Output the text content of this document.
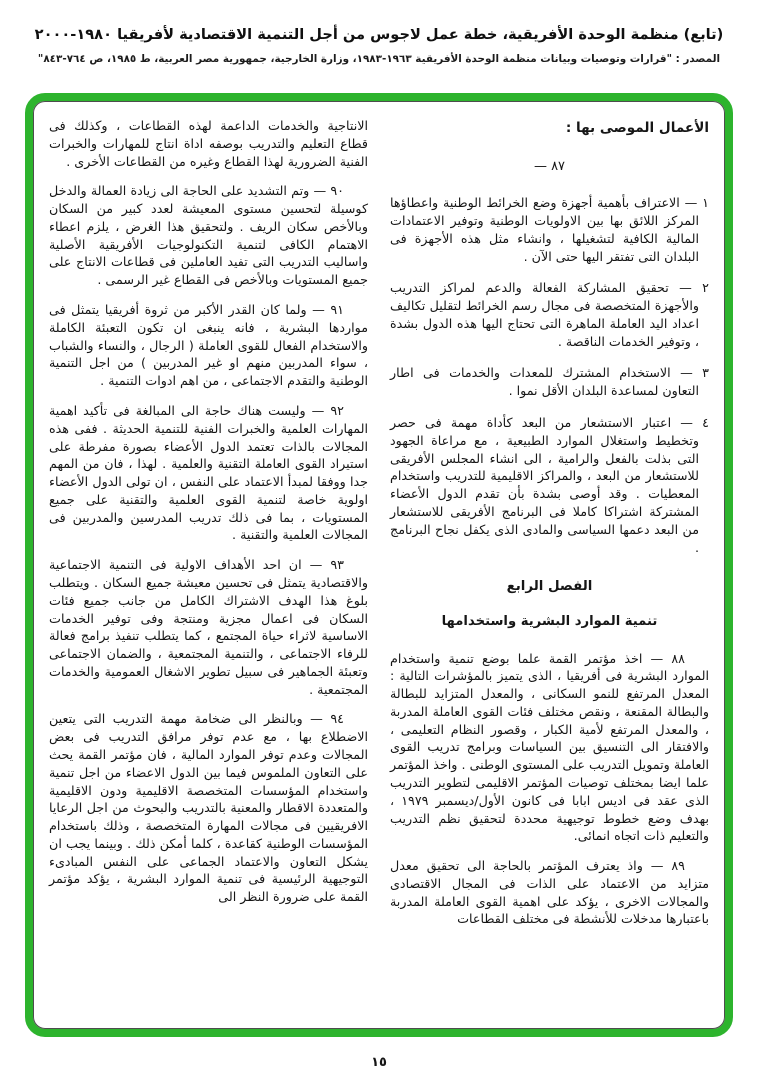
(تابع) منظمة الوحدة الأفريقية، خطة عمل لاجوس من أجل التنمية الاقتصادية لأفريقيا ١٩٨٠-٢٠٠٠
المصدر : "قرارات وتوصيات وبيانات منظمة الوحدة الأفريقية ١٩٦٣-١٩٨٣، وزارة الخارجية، جمهورية مصر العربية، ط ١٩٨٥، ص ٧٦٤-٨٤٣"

الأعمال الموصى بها :

٨٧ —

١ — الاعتراف بأهمية أجهزة وضع الخرائط الوطنية واعطاؤها المركز اللائق بها بين الاولويات الوطنية وتوفير الاعتمادات المالية الكافية لتشغيلها ، وانشاء مثل هذه الأجهزة فى البلدان التى تفتقر اليها حتى الآن .

٢ — تحقيق المشاركة الفعالة والدعم لمراكز التدريب والأجهزة المتخصصة فى مجال رسم الخرائط لتقليل تكاليف اعداد اليد العاملة الماهرة التى تحتاج اليها هذه الدول بشدة ، وتوفير الخدمات الناقصة .

٣ — الاستخدام المشترك للمعدات والخدمات فى اطار التعاون لمساعدة البلدان الأقل نموا .

٤ — اعتبار الاستشعار من البعد كأداة مهمة فى حصر وتخطيط واستغلال الموارد الطبيعية ، مع مراعاة الجهود التى بذلت بالفعل والرامية ، الى انشاء المجلس الأفريقى للاستشعار من البعد ، والمراكز الاقليمية للتدريب واستخدام المعطيات . وقد أوصى بشدة بأن تقدم الدول الأعضاء المشتركة اشتراكا كاملا فى البرنامج الأفريقى للاستشعار من البعد دعمها السياسى والمادى الذى يكفل نجاح البرنامج .

الفصل الرابع

تنمية الموارد البشرية واستخدامها

٨٨ — اخذ مؤتمر القمة علما بوضع تنمية واستخدام الموارد البشرية فى أفريقيا ، الذى يتميز بالمؤشرات التالية : المعدل المرتفع للنمو السكانى ، والمعدل المتزايد للبطالة والبطالة المقنعة ، ونقص مختلف فئات القوى العاملة المدربة ، والمعدل المرتفع لأمية الكبار ، وقصور النظام التعليمى ، والافتقار الى التنسيق بين السياسات وبرامج تدريب القوى العاملة وتمويل التدريب على المستوى الوطنى . واخذ المؤتمر علما ايضا بمختلف توصيات المؤتمر الاقليمى لتطوير التدريب الذى عقد فى اديس ابابا فى كانون الأول/ديسمبر ١٩٧٩ ، بهدف وضع خطوط توجيهية محددة لتحقيق نظم التدريب والتعليم ذات اتجاه انمائى.

٨٩ — واذ يعترف المؤتمر بالحاجة الى تحقيق معدل متزايد من الاعتماد على الذات فى المجال الاقتصادى والمجالات الاخرى ، يؤكد على اهمية القوى العاملة المدربة باعتبارها مدخلات للأنشطة فى مختلف القطاعات

الانتاجية والخدمات الداعمة لهذه القطاعات ، وكذلك فى قطاع التعليم والتدريب بوصفه اداة انتاج للمهارات والخبرات الفنية الضرورية لهذا القطاع وغيره من القطاعات الأخرى .

٩٠ — وتم التشديد على الحاجة الى زيادة العمالة والدخل كوسيلة لتحسين مستوى المعيشة لعدد كبير من السكان وبالأخص سكان الريف . ولتحقيق هذا الغرض ، يلزم اعطاء الاهتمام الكافى لتنمية التكنولوجيات الأفريقية الأصلية واساليب التدريب التى تفيد العاملين فى قطاعات الانتاج على جميع المستويات وبالأخص فى القطاع غير الرسمى .

٩١ — ولما كان القدر الأكبر من ثروة أفريقيا يتمثل فى مواردها البشرية ، فانه ينبغى ان تكون التعبئة الكاملة والاستخدام الفعال للقوى العاملة ( الرجال ، والنساء والشباب ، سواء المدربين منهم او غير المدربين ) من اجل التنمية الوطنية والتقدم الاجتماعى ، من اهم ادوات التنمية .

٩٢ — وليست هناك حاجة الى المبالغة فى تأكيد اهمية المهارات العلمية والخبرات الفنية للتنمية الحديثة . ففى هذه المجالات بالذات تعتمد الدول الأعضاء بصورة مفرطة على استيراد القوى العاملة التقنية والعلمية . لهذا ، فان من المهم جدا ووفقا لمبدأ الاعتماد على النفس ، ان تولى الدول الأعضاء اولوية خاصة لتنمية القوى العلمية والتقنية على جميع المستويات ، بما فى ذلك تدريب المدرسين والمدربين فى المجالات العلمية والتقنية .

٩٣ — ان احد الأهداف الاولية فى التنمية الاجتماعية والاقتصادية يتمثل فى تحسين معيشة جميع السكان . ويتطلب بلوغ هذا الهدف الاشتراك الكامل من جانب جميع فئات السكان فى اعمال مجزية ومنتجة وفى توفير الخدمات الاساسية لاثراء حياة المجتمع ، كما يتطلب تنفيذ برامج فعالة للرفاء الاجتماعى ، والتنمية المجتمعية ، والضمان الاجتماعى وتعبئة الجماهير فى سبيل تطوير الاشغال العمومية والخدمات المجتمعية .

٩٤ — وبالنظر الى ضخامة مهمة التدريب التى يتعين الاضطلاع بها ، مع عدم توفر مرافق التدريب فى بعض المجالات وعدم توفر الموارد المالية ، فان مؤتمر القمة يحث على التعاون الملموس فيما بين الدول الاعضاء من اجل تنمية واستخدام المؤسسات المتخصصة الاقليمية ودون الاقليمية والمتعددة الاقطار والمعنية بالتدريب والبحوث من اجل الرعايا الافريقيين فى مجالات المهارة المتخصصة ، وذلك باستخدام المؤسسات الوطنية كقاعدة ، كلما أمكن ذلك . وبينما يجب ان يشكل التعاون والاعتماد الجماعى على النفس المبادىء التوجيهية الرئيسية فى تنمية الموارد البشرية ، يؤكد مؤتمر القمة على ضرورة النظر الى

١٥
